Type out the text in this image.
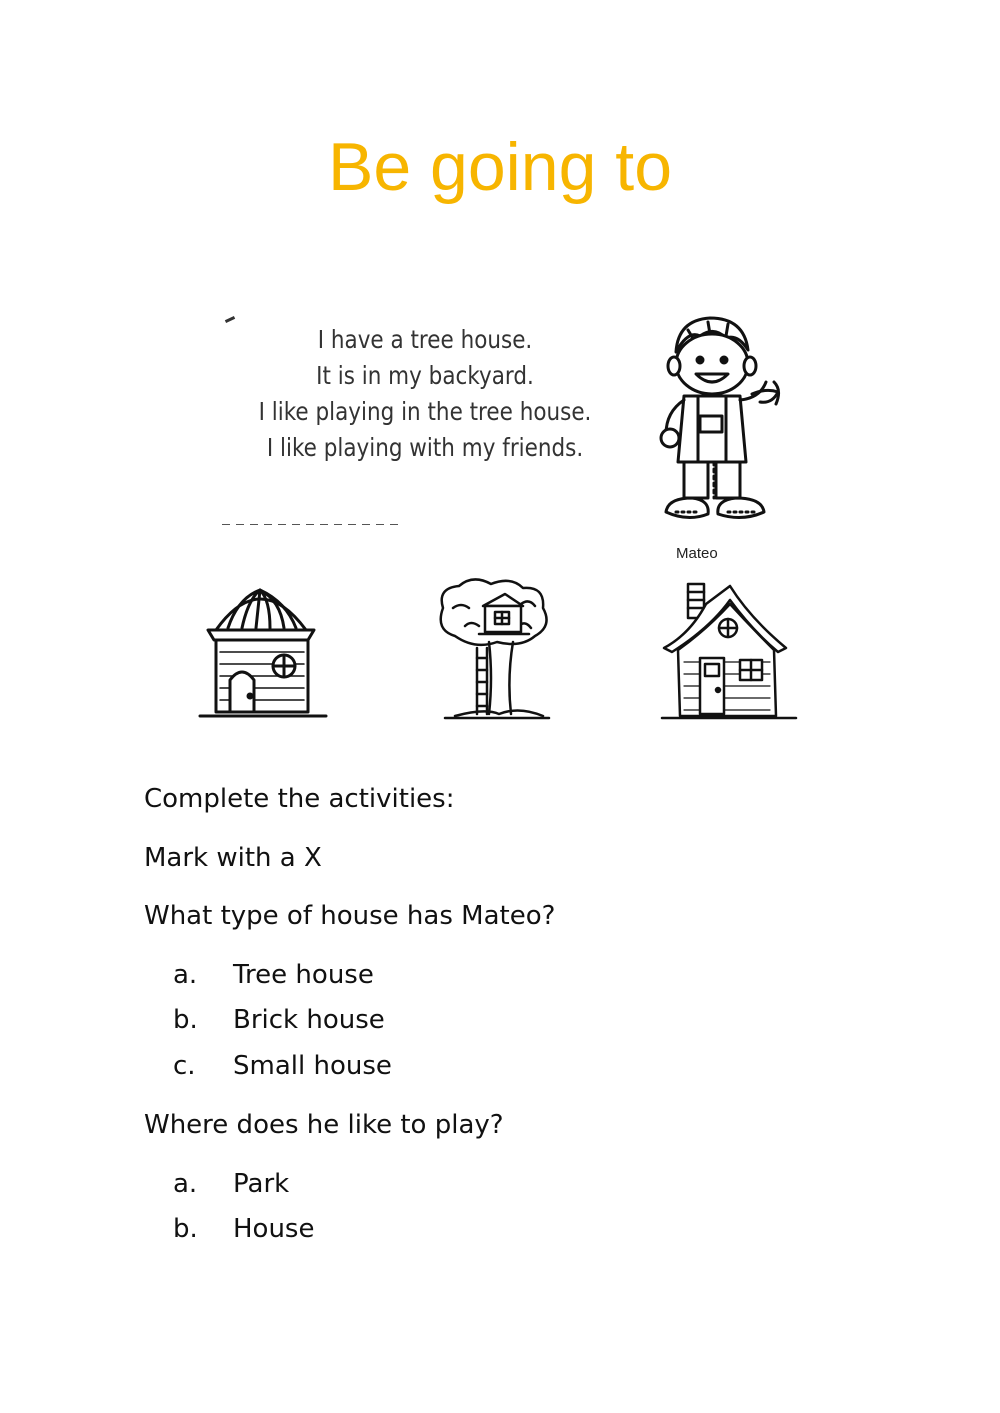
Be going to
I have a tree house.
It is in my backyard.
I like playing in the tree house.
I like playing with my friends.
Mateo
Complete the activities:
Mark with a X
What type of house has Mateo?
a. Tree house
b. Brick house
c. Small house
Where does he like to play?
a. Park
b. House
